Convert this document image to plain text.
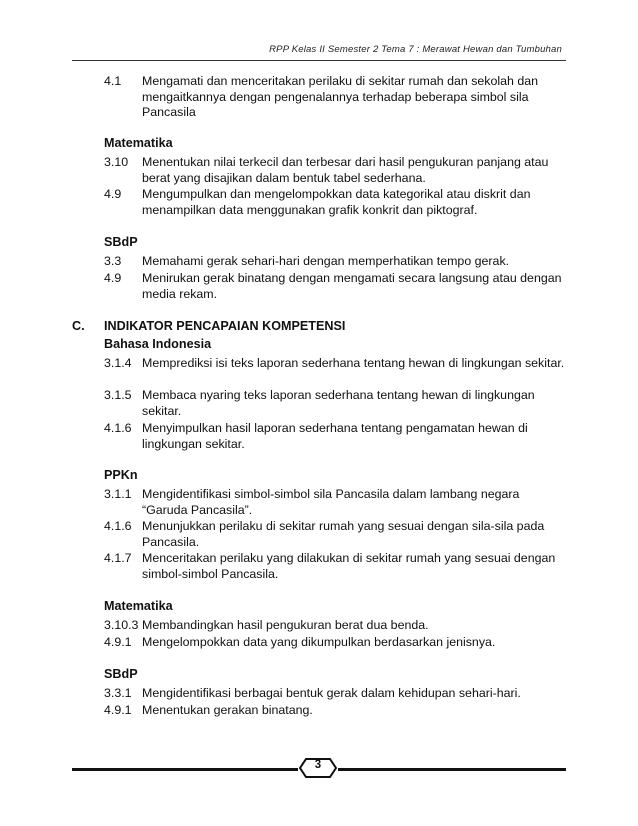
RPP Kelas II Semester 2 Tema 7 : Merawat Hewan dan Tumbuhan
4.1 Mengamati dan menceritakan perilaku di sekitar rumah dan sekolah dan mengaitkannya dengan pengenalannya terhadap beberapa simbol sila Pancasila
Matematika
3.10 Menentukan nilai terkecil dan terbesar dari hasil pengukuran panjang atau berat yang disajikan dalam bentuk tabel sederhana.
4.9 Mengumpulkan dan mengelompokkan data kategorikal atau diskrit dan menampilkan data menggunakan grafik konkrit dan piktograf.
SBdP
3.3 Memahami gerak sehari-hari dengan memperhatikan tempo gerak.
4.9 Menirukan gerak binatang dengan mengamati secara langsung atau dengan media rekam.
C. INDIKATOR PENCAPAIAN KOMPETENSI
Bahasa Indonesia
3.1.4 Memprediksi isi teks laporan sederhana tentang hewan di lingkungan sekitar.
3.1.5 Membaca nyaring teks laporan sederhana tentang hewan di lingkungan sekitar.
4.1.6 Menyimpulkan hasil laporan sederhana tentang pengamatan hewan di lingkungan sekitar.
PPKn
3.1.1 Mengidentifikasi simbol-simbol sila Pancasila dalam lambang negara “Garuda Pancasila”.
4.1.6 Menunjukkan perilaku di sekitar rumah yang sesuai dengan sila-sila pada Pancasila.
4.1.7 Menceritakan perilaku yang dilakukan di sekitar rumah yang sesuai dengan simbol-simbol Pancasila.
Matematika
3.10.3 Membandingkan hasil pengukuran berat dua benda.
4.9.1 Mengelompokkan data yang dikumpulkan berdasarkan jenisnya.
SBdP
3.3.1 Mengidentifikasi berbagai bentuk gerak dalam kehidupan sehari-hari.
4.9.1 Menentukan gerakan binatang.
3
